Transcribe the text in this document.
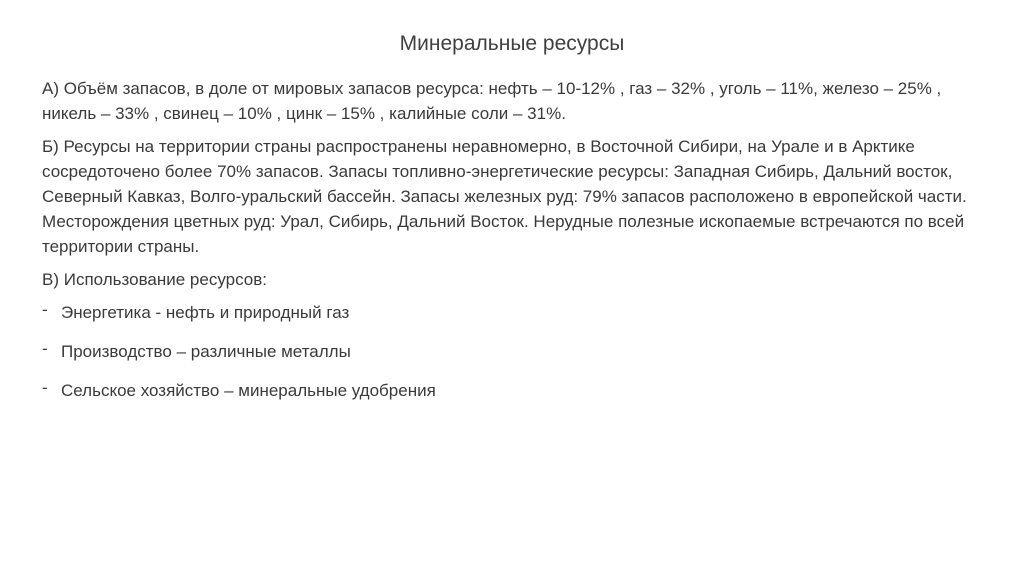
Минеральные ресурсы

А) Объём запасов, в доле от мировых запасов ресурса: нефть – 10-12% , газ – 32% , уголь – 11%, железо – 25% , никель – 33% , свинец – 10% , цинк – 15% , калийные соли – 31%.

Б) Ресурсы на территории страны распространены неравномерно, в Восточной Сибири, на Урале и в Арктике сосредоточено более 70% запасов. Запасы топливно-энергетические ресурсы: Западная Сибирь, Дальний восток, Северный Кавказ, Волго-уральский бассейн. Запасы железных руд: 79% запасов расположено в европейской части. Месторождения цветных руд: Урал, Сибирь, Дальний Восток. Нерудные полезные ископаемые встречаются по всей территории страны.

В) Использование ресурсов:

- Энергетика - нефть и природный газ
- Производство – различные металлы
- Сельское хозяйство – минеральные удобрения
